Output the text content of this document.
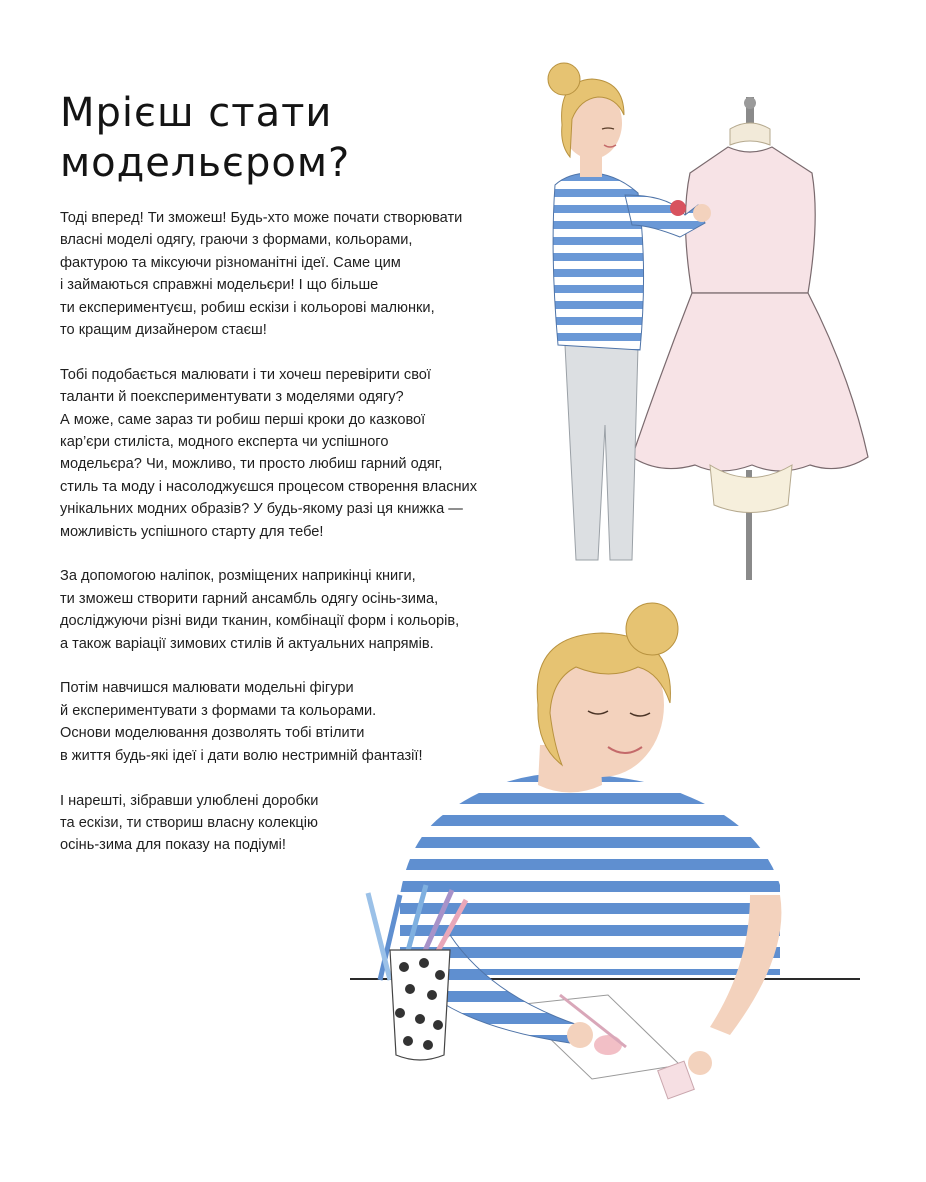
Мрієш стати
модельєром?

Тоді вперед! Ти зможеш! Будь-хто може почати створювати
власні моделі одягу, граючи з формами, кольорами,
фактурою та міксуючи різноманітні ідеї. Саме цим
і займаються справжні модельєри! І що більше
ти експериментуєш, робиш ескізи і кольорові малюнки,
то кращим дизайнером стаєш!

Тобі подобається малювати і ти хочеш перевірити свої
таланти й поекспериментувати з моделями одягу?
А може, саме зараз ти робиш перші кроки до казкової
кар’єри стиліста, модного експерта чи успішного
модельєра? Чи, можливо, ти просто любиш гарний одяг,
стиль та моду і насолоджуєшся процесом створення власних
унікальних модних образів? У будь-якому разі ця книжка —
можливість успішного старту для тебе!

За допомогою наліпок, розміщених наприкінці книги,
ти зможеш створити гарний ансамбль одягу осінь-зима,
досліджуючи різні види тканин, комбінації форм і кольорів,
а також варіації зимових стилів й актуальних напрямів.

Потім навчишся малювати модельні фігури
й експериментувати з формами та кольорами.
Основи моделювання дозволять тобі втілити
в життя будь-які ідеї і дати волю нестримній фантазії!

І нарешті, зібравши улюблені доробки
та ескізи, ти створиш власну колекцію
осінь-зима для показу на подіумі!
